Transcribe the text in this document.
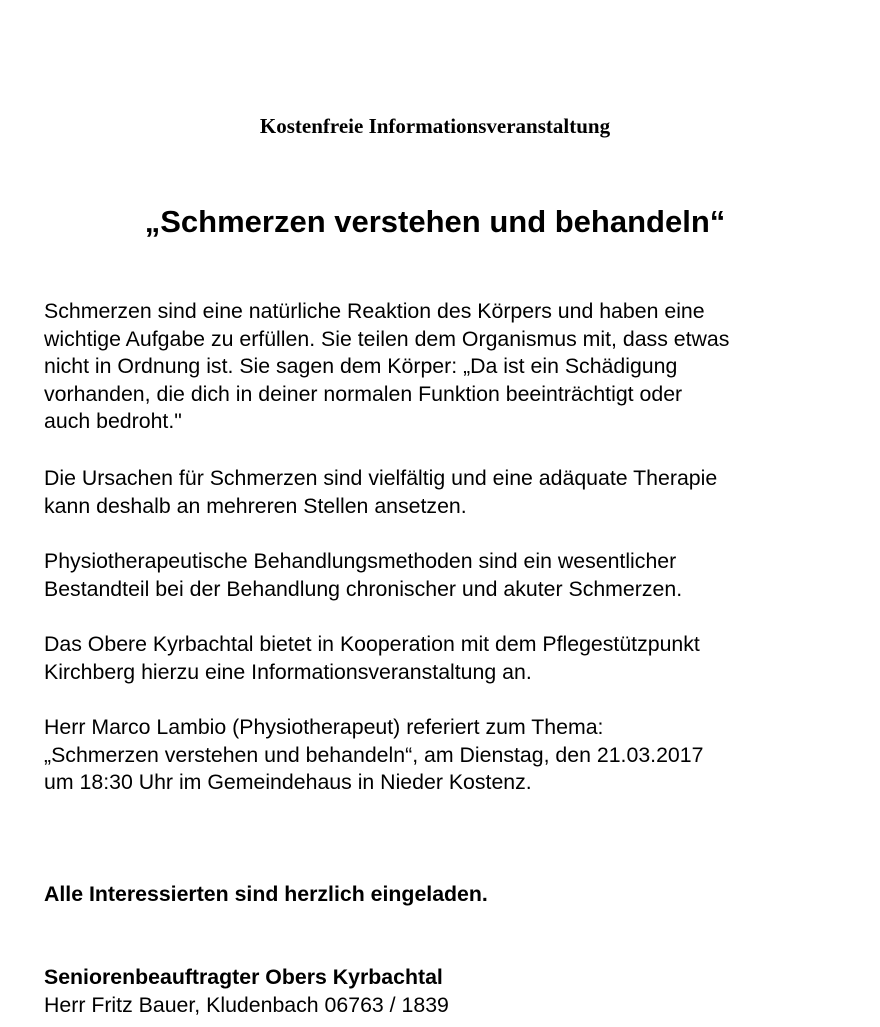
Kostenfreie Informationsveranstaltung

„Schmerzen verstehen und behandeln“

Schmerzen sind eine natürliche Reaktion des Körpers und haben eine
wichtige Aufgabe zu erfüllen. Sie teilen dem Organismus mit, dass etwas
nicht in Ordnung ist. Sie sagen dem Körper: „Da ist ein Schädigung
vorhanden, die dich in deiner normalen Funktion beeinträchtigt oder
auch bedroht."

Die Ursachen für Schmerzen sind vielfältig und eine adäquate Therapie
kann deshalb an mehreren Stellen ansetzen.

Physiotherapeutische Behandlungsmethoden sind ein wesentlicher
Bestandteil bei der Behandlung chronischer und akuter Schmerzen.

Das Obere Kyrbachtal bietet in Kooperation mit dem Pflegestützpunkt
Kirchberg hierzu eine Informationsveranstaltung an.

Herr Marco Lambio (Physiotherapeut) referiert zum Thema:
„Schmerzen verstehen und behandeln“, am Dienstag, den 21.03.2017
um 18:30 Uhr im Gemeindehaus in Nieder Kostenz.

Alle Interessierten sind herzlich eingeladen.

Seniorenbeauftragter Obers Kyrbachtal
Herr Fritz Bauer, Kludenbach 06763 / 1839
